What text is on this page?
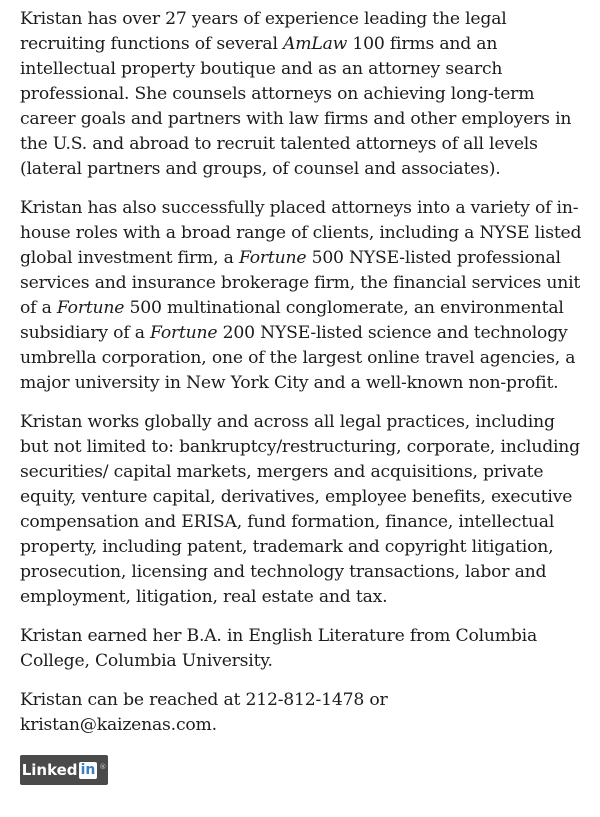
Kristan has over 27 years of experience leading the legal recruiting functions of several AmLaw 100 firms and an intellectual property boutique and as an attorney search professional. She counsels attorneys on achieving long-term career goals and partners with law firms and other employers in the U.S. and abroad to recruit talented attorneys of all levels (lateral partners and groups, of counsel and associates).

Kristan has also successfully placed attorneys into a variety of in-house roles with a broad range of clients, including a NYSE listed global investment firm, a Fortune 500 NYSE-listed professional services and insurance brokerage firm, the financial services unit of a Fortune 500 multinational conglomerate, an environmental subsidiary of a Fortune 200 NYSE-listed science and technology umbrella corporation, one of the largest online travel agencies, a major university in New York City and a well-known non-profit.

Kristan works globally and across all legal practices, including but not limited to: bankruptcy/restructuring, corporate, including securities/ capital markets, mergers and acquisitions, private equity, venture capital, derivatives, employee benefits, executive compensation and ERISA, fund formation, finance, intellectual property, including patent, trademark and copyright litigation, prosecution, licensing and technology transactions, labor and employment, litigation, real estate and tax.

Kristan earned her B.A. in English Literature from Columbia College, Columbia University.

Kristan can be reached at 212-812-1478 or kristan@kaizenas.com.

Linked in ®
